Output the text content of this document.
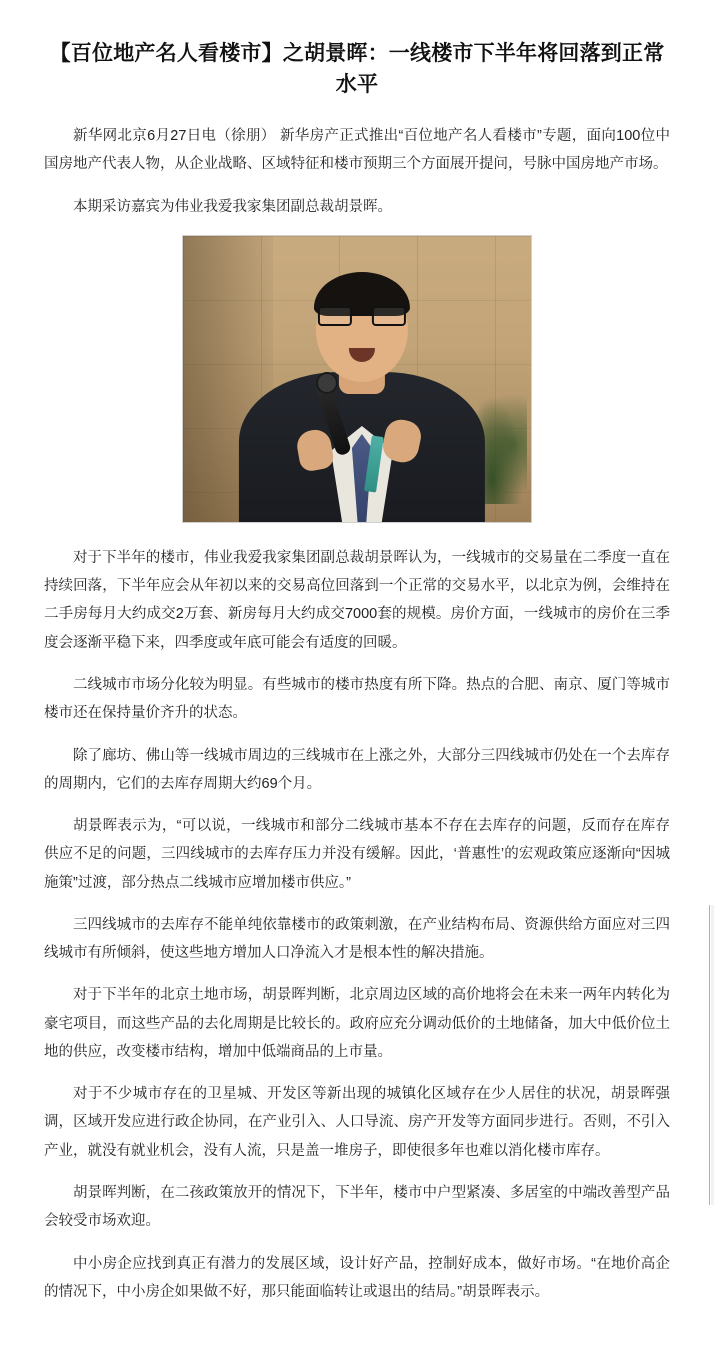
【百位地产名人看楼市】之胡景晖：一线楼市下半年将回落到正常水平

新华网北京6月27日电（徐朋） 新华房产正式推出“百位地产名人看楼市”专题，面向100位中国房地产代表人物，从企业战略、区域特征和楼市预期三个方面展开提问，号脉中国房地产市场。

本期采访嘉宾为伟业我爱我家集团副总裁胡景晖。

对于下半年的楼市，伟业我爱我家集团副总裁胡景晖认为，一线城市的交易量在二季度一直在持续回落，下半年应会从年初以来的交易高位回落到一个正常的交易水平，以北京为例，会维持在二手房每月大约成交2万套、新房每月大约成交7000套的规模。房价方面，一线城市的房价在三季度会逐渐平稳下来，四季度或年底可能会有适度的回暖。

二线城市市场分化较为明显。有些城市的楼市热度有所下降。热点的合肥、南京、厦门等城市楼市还在保持量价齐升的状态。

除了廊坊、佛山等一线城市周边的三线城市在上涨之外，大部分三四线城市仍处在一个去库存的周期内，它们的去库存周期大约69个月。

胡景晖表示为，“可以说，一线城市和部分二线城市基本不存在去库存的问题，反而存在库存供应不足的问题，三四线城市的去库存压力并没有缓解。因此，‘普惠性’的宏观政策应逐渐向“因城施策”过渡，部分热点二线城市应增加楼市供应。”

三四线城市的去库存不能单纯依靠楼市的政策刺激，在产业结构布局、资源供给方面应对三四线城市有所倾斜，使这些地方增加人口净流入才是根本性的解决措施。

对于下半年的北京土地市场，胡景晖判断，北京周边区域的高价地将会在未来一两年内转化为豪宅项目，而这些产品的去化周期是比较长的。政府应充分调动低价的土地储备，加大中低价位土地的供应，改变楼市结构，增加中低端商品的上市量。

对于不少城市存在的卫星城、开发区等新出现的城镇化区域存在少人居住的状况，胡景晖强调，区域开发应进行政企协同，在产业引入、人口导流、房产开发等方面同步进行。否则，不引入产业，就没有就业机会，没有人流，只是盖一堆房子，即使很多年也难以消化楼市库存。

胡景晖判断，在二孩政策放开的情况下，下半年，楼市中户型紧凑、多居室的中端改善型产品会较受市场欢迎。

中小房企应找到真正有潜力的发展区域，设计好产品，控制好成本，做好市场。“在地价高企的情况下，中小房企如果做不好，那只能面临转让或退出的结局。”胡景晖表示。
